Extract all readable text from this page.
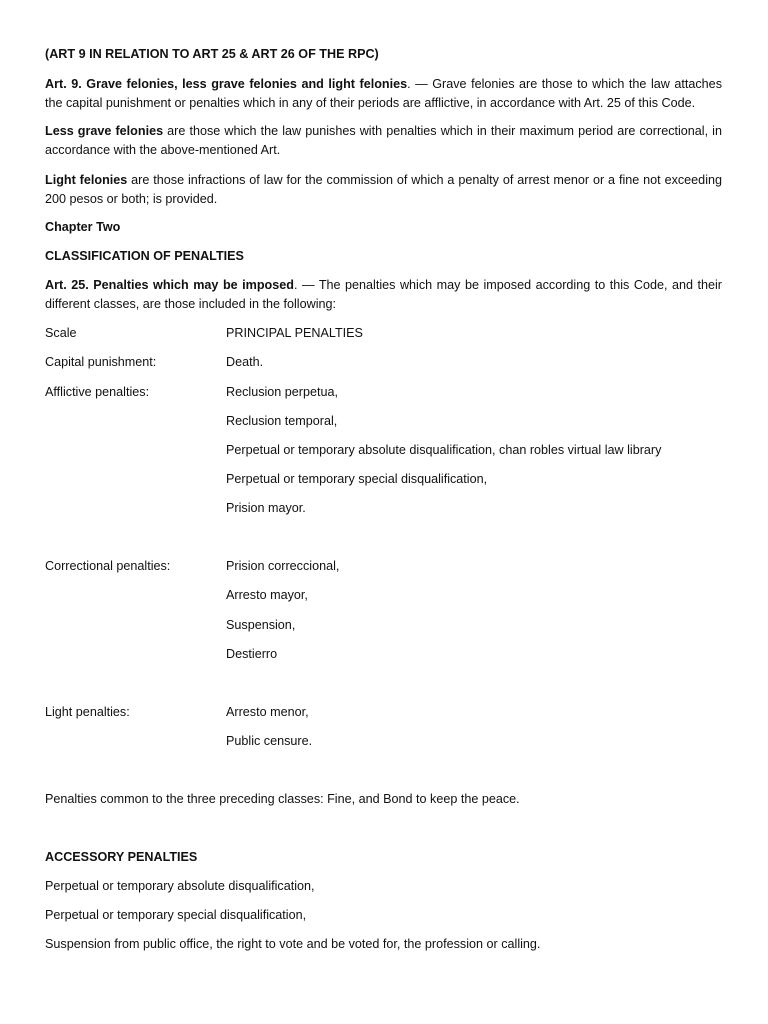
(ART 9 IN RELATION TO ART 25 & ART 26 OF THE RPC)
Art. 9. Grave felonies, less grave felonies and light felonies. — Grave felonies are those to which the law attaches the capital punishment or penalties which in any of their periods are afflictive, in accordance with Art. 25 of this Code.
Less grave felonies are those which the law punishes with penalties which in their maximum period are correctional, in accordance with the above-mentioned Art.
Light felonies are those infractions of law for the commission of which a penalty of arrest menor or a fine not exceeding 200 pesos or both; is provided.
Chapter Two
CLASSIFICATION OF PENALTIES
Art. 25. Penalties which may be imposed. — The penalties which may be imposed according to this Code, and their different classes, are those included in the following:
Scale	PRINCIPAL PENALTIES
Capital punishment:	Death.
Afflictive penalties:	Reclusion perpetua,
Reclusion temporal,
Perpetual or temporary absolute disqualification, chan robles virtual law library
Perpetual or temporary special disqualification,
Prision mayor.
Correctional penalties:	Prision correccional,
Arresto mayor,
Suspension,
Destierro
Light penalties:	Arresto menor,
Public censure.
Penalties common to the three preceding classes: Fine, and Bond to keep the peace.
ACCESSORY PENALTIES
Perpetual or temporary absolute disqualification,
Perpetual or temporary special disqualification,
Suspension from public office, the right to vote and be voted for, the profession or calling.
